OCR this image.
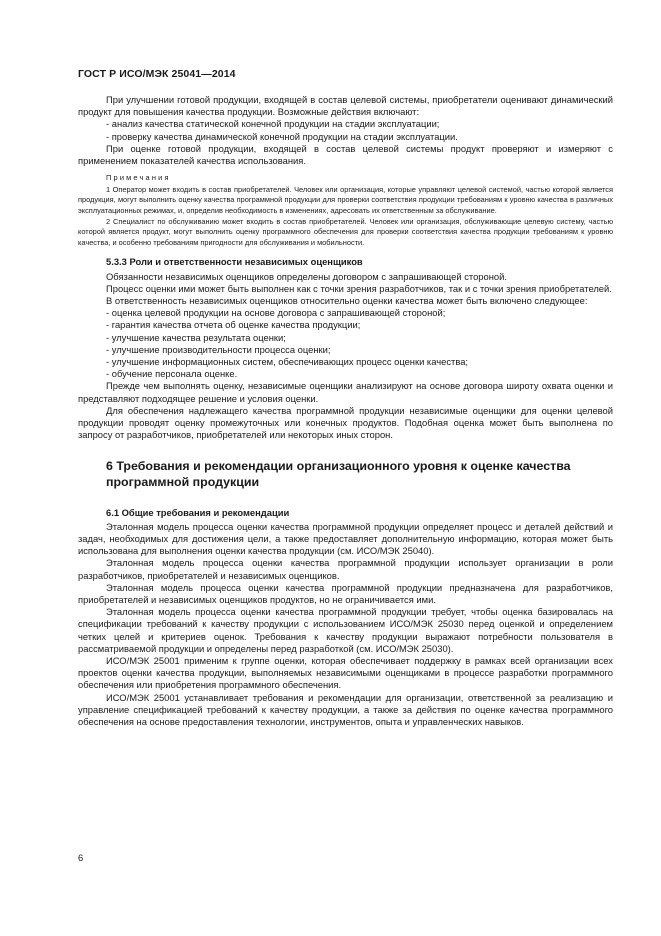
ГОСТ Р ИСО/МЭК 25041—2014

При улучшении готовой продукции, входящей в состав целевой системы, приобретатели оценивают динамический продукт для повышения качества продукции. Возможные действия включают:

- анализ качества статической конечной продукции на стадии эксплуатации;

- проверку качества динамической конечной продукции на стадии эксплуатации.

При оценке готовой продукции, входящей в состав целевой системы продукт проверяют и измеряют с применением показателей качества использования.

Примечания

1 Оператор может входить в состав приобретателей. Человек или организация, которые управляют целевой системой, частью которой является продукция, могут выполнить оценку качества программной продукции для проверки соответствия продукции требованиям к уровню качества в различных эксплуатационных режимах, и, определив необходимость в изменениях, адресовать их ответственным за обслуживание.

2 Специалист по обслуживанию может входить в состав приобретателей. Человек или организация, обслуживающие целевую систему, частью которой является продукт, могут выполнить оценку программного обеспечения для проверки соответствия качества продукции требованиям к уровню качества, и особенно требованиям пригодности для обслуживания и мобильности.

5.3.3 Роли и ответственности независимых оценщиков

Обязанности независимых оценщиков определены договором с запрашивающей стороной.

Процесс оценки ими может быть выполнен как с точки зрения разработчиков, так и с точки зрения приобретателей.

В ответственность независимых оценщиков относительно оценки качества может быть включено следующее:

- оценка целевой продукции на основе договора с запрашивающей стороной;

- гарантия качества отчета об оценке качества продукции;

- улучшение качества результата оценки;

- улучшение производительности процесса оценки;

- улучшение информационных систем, обеспечивающих процесс оценки качества;

- обучение персонала оценке.

Прежде чем выполнять оценку, независимые оценщики анализируют на основе договора широту охвата оценки и представляют подходящее решение и условия оценки.

Для обеспечения надлежащего качества программной продукции независимые оценщики для оценки целевой продукции проводят оценку промежуточных или конечных продуктов. Подобная оценка может быть выполнена по запросу от разработчиков, приобретателей или некоторых иных сторон.

6 Требования и рекомендации организационного уровня к оценке качества программной продукции

6.1 Общие требования и рекомендации

Эталонная модель процесса оценки качества программной продукции определяет процесс и деталей действий и задач, необходимых для достижения цели, а также предоставляет дополнительную информацию, которая может быть использована для выполнения оценки качества продукции (см. ИСО/МЭК 25040).

Эталонная модель процесса оценки качества программной продукции использует организации в роли разработчиков, приобретателей и независимых оценщиков.

Эталонная модель процесса оценки качества программной продукции предназначена для разработчиков, приобретателей и независимых оценщиков продуктов, но не ограничивается ими.

Эталонная модель процесса оценки качества программной продукции требует, чтобы оценка базировалась на спецификации требований к качеству продукции с использованием ИСО/МЭК 25030 перед оценкой и определением четких целей и критериев оценок. Требования к качеству продукции выражают потребности пользователя в рассматриваемой продукции и определены перед разработкой (см. ИСО/МЭК 25030).

ИСО/МЭК 25001 применим к группе оценки, которая обеспечивает поддержку в рамках всей организации всех проектов оценки качества продукции, выполняемых независимыми оценщиками в процессе разработки программного обеспечения или приобретения программного обеспечения.

ИСО/МЭК 25001 устанавливает требования и рекомендации для организации, ответственной за реализацию и управление спецификацией требований к качеству продукции, а также за действия по оценке качества программного обеспечения на основе предоставления технологии, инструментов, опыта и управленческих навыков.

6
